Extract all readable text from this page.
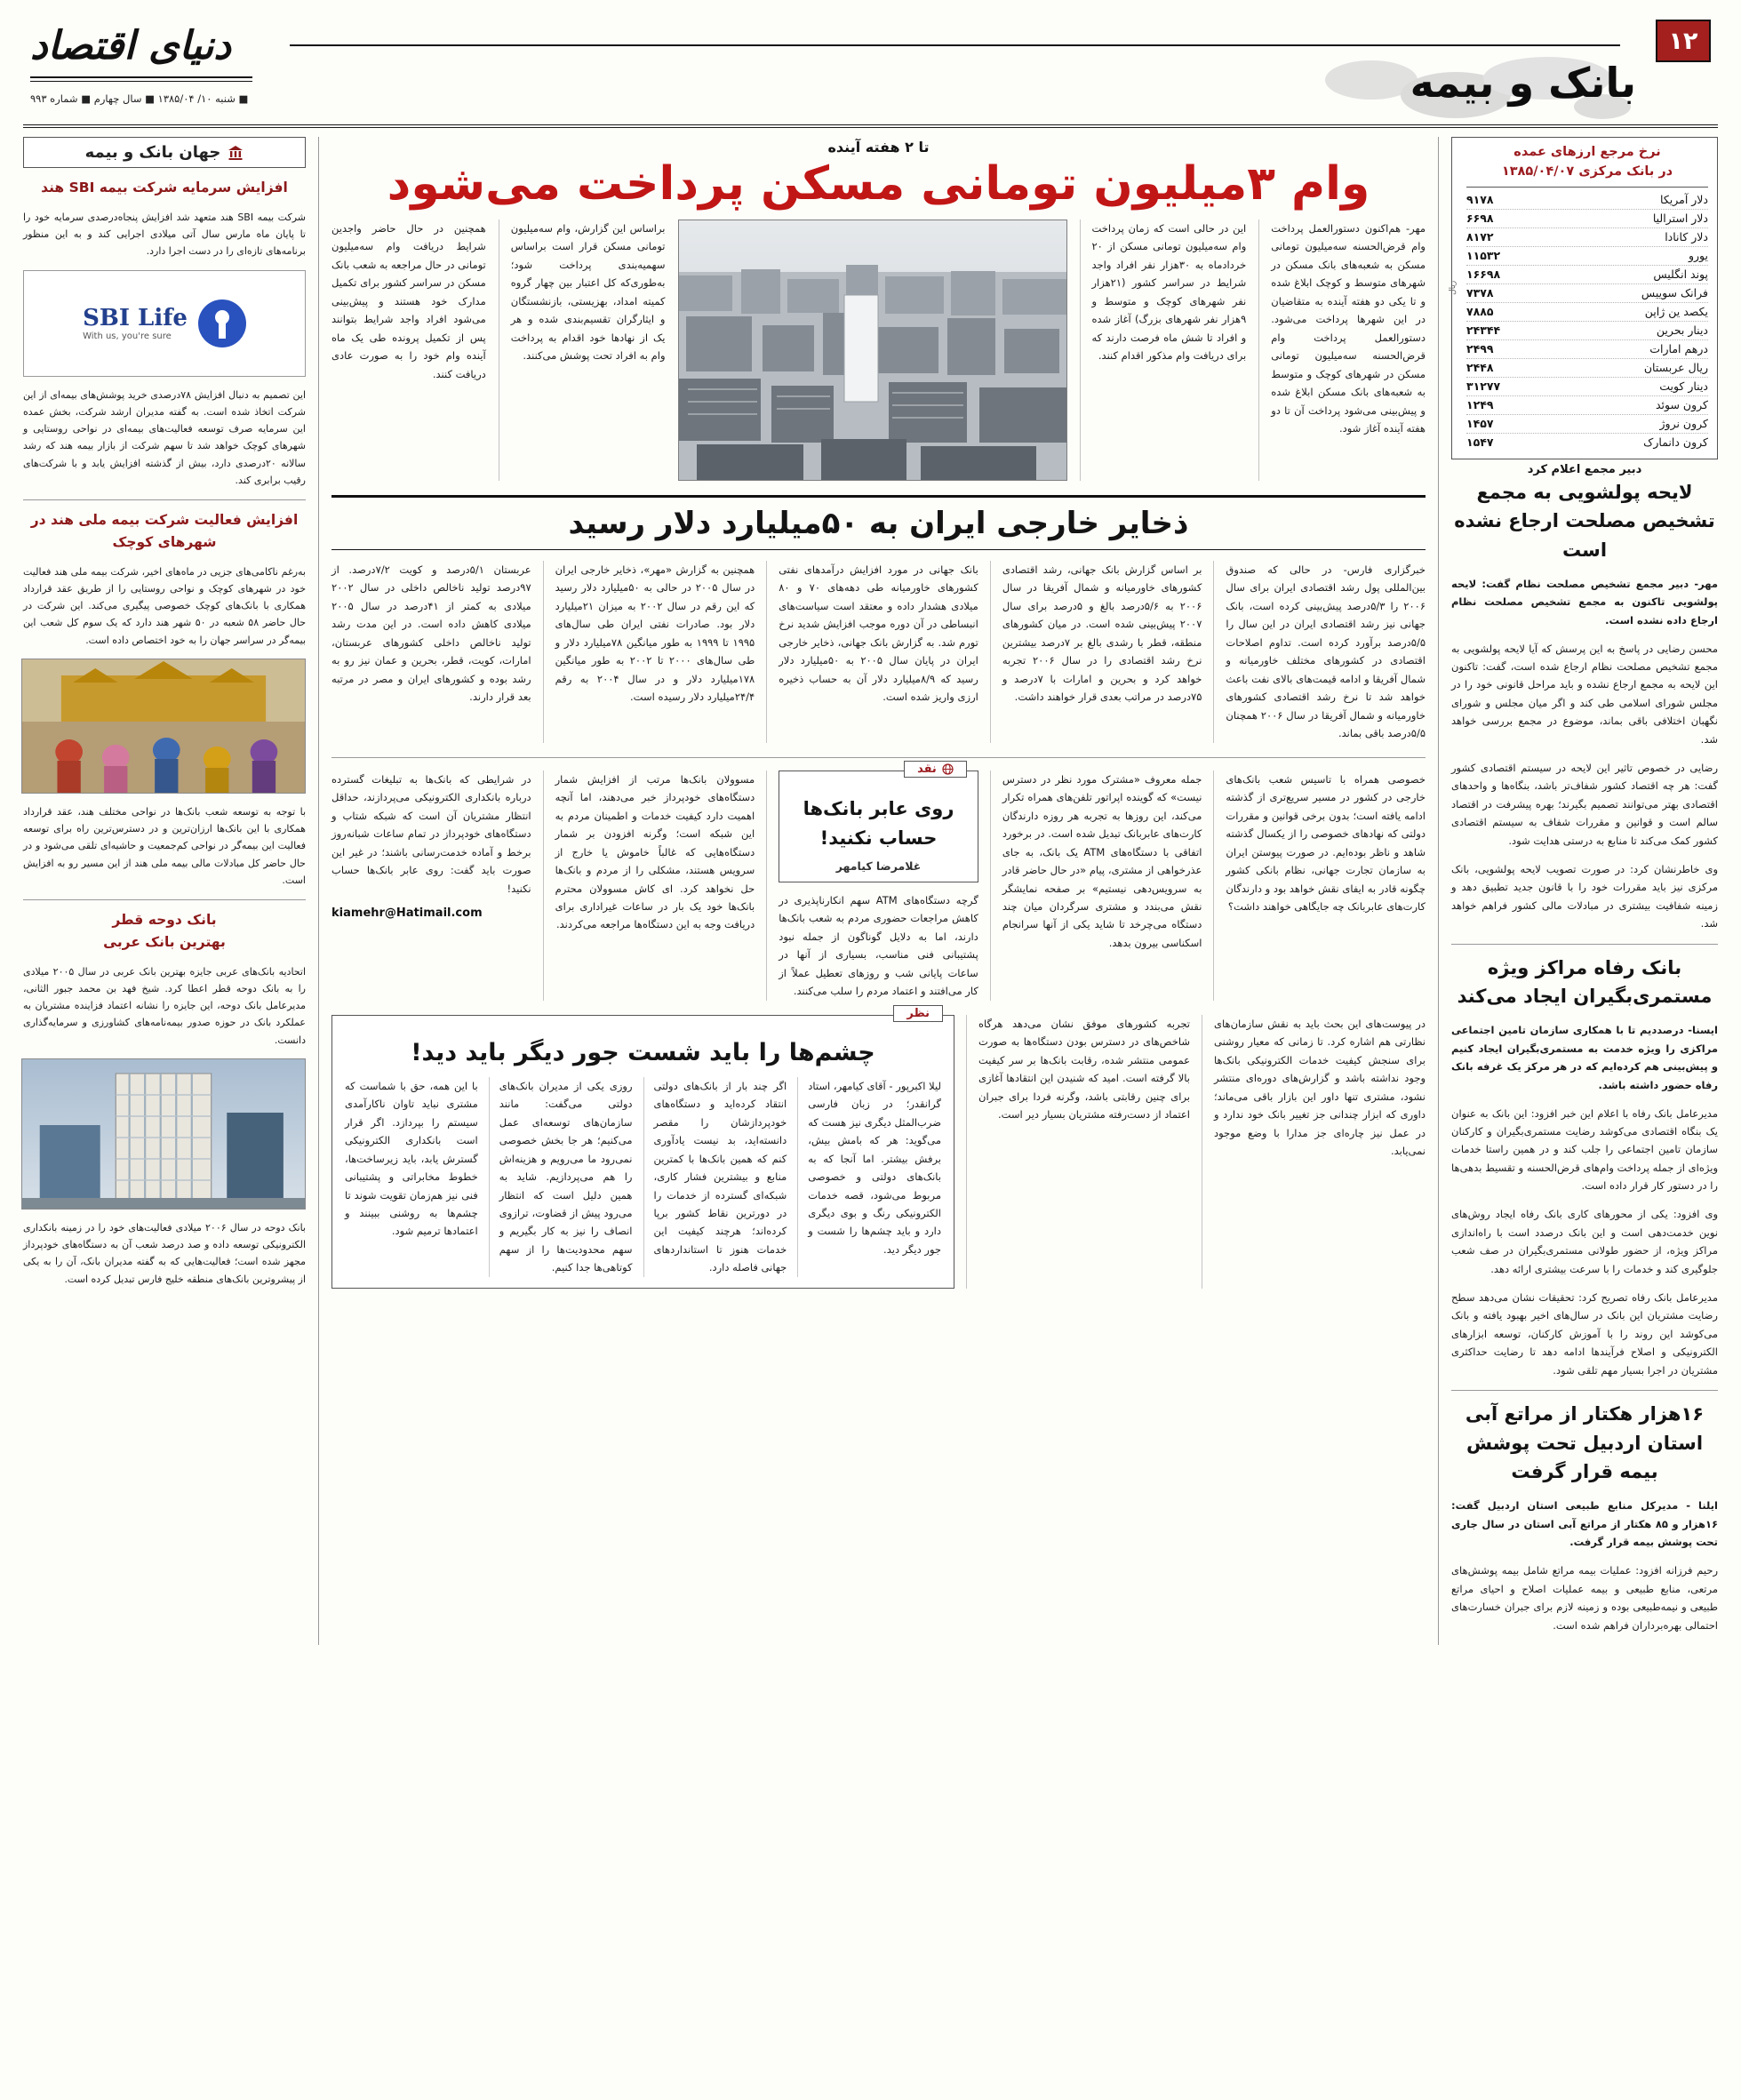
دنیای اقتصاد
■ شنبه ۱۰/ ۱۳۸۵/۰۴ ■ سال چهارم ■ شماره ۹۹۳
۱۲
بانک و بیمه
نرخ مرجع ارزهای عمده
در بانک مرکزی ۱۳۸۵/۰۴/۰۷
ریال
دلار آمریکا
۹۱۷۸
دلار استرالیا
۶۶۹۸
دلار کانادا
۸۱۷۲
یورو
۱۱۵۳۲
پوند انگلیس
۱۶۶۹۸
فرانک سوییس
۷۳۷۸
یکصد ین ژاپن
۷۸۸۵
دینار بحرین
۲۴۳۴۴
درهم امارات
۲۴۹۹
ریال عربستان
۲۴۴۸
دینار کویت
۳۱۲۷۷
کرون سوئد
۱۲۴۹
کرون نروژ
۱۴۵۷
کرون دانمارک
۱۵۴۷
دبیر مجمع اعلام کرد
لایحه پولشویی به مجمع تشخیص مصلحت ارجاع نشده است

مهر- دبیر مجمع تشخیص مصلحت نظام گفت: لایحه پولشویی تاکنون به مجمع تشخیص مصلحت نظام ارجاع داده نشده است.

محسن رضایی در پاسخ به این پرسش که آیا لایحه پولشویی به مجمع تشخیص مصلحت نظام ارجاع شده است، گفت: تاکنون این لایحه به مجمع ارجاع نشده و باید مراحل قانونی خود را در مجلس شورای اسلامی طی کند و اگر میان مجلس و شورای نگهبان اختلافی باقی بماند، موضوع در مجمع بررسی خواهد شد.

رضایی در خصوص تاثیر این لایحه در سیستم اقتصادی کشور گفت: هر چه اقتصاد کشور شفاف‌تر باشد، بنگاه‌ها و واحدهای اقتصادی بهتر می‌توانند تصمیم بگیرند؛ بهره پیشرفت در اقتصاد سالم است و قوانین و مقررات شفاف به سیستم اقتصادی کشور کمک می‌کند تا منابع به درستی هدایت شود.

وی خاطرنشان کرد: در صورت تصویب لایحه پولشویی، بانک مرکزی نیز باید مقررات خود را با قانون جدید تطبیق دهد و زمینه شفافیت بیشتری در مبادلات مالی کشور فراهم خواهد شد.

بانک رفاه مراکز ویژه مستمری‌بگیران ایجاد می‌کند

ایسنا- درصددیم تا با همکاری سازمان تامین اجتماعی مراکزی را ویژه خدمت به مستمری‌بگیران ایجاد کنیم و پیش‌بینی هم کرده‌ایم که در هر مرکز یک غرفه بانک رفاه حضور داشته باشد.

مدیرعامل بانک رفاه با اعلام این خبر افزود: این بانک به عنوان یک بنگاه اقتصادی می‌کوشد رضایت مستمری‌بگیران و کارکنان سازمان تامین اجتماعی را جلب کند و در همین راستا خدمات ویژه‌ای از جمله پرداخت وام‌های قرض‌الحسنه و تقسیط بدهی‌ها را در دستور کار قرار داده است.

وی افزود: یکی از محورهای کاری بانک رفاه ایجاد روش‌های نوین خدمت‌دهی است و این بانک درصدد است با راه‌اندازی مراکز ویژه، از حضور طولانی مستمری‌بگیران در صف شعب جلوگیری کند و خدمات را با سرعت بیشتری ارائه دهد.

مدیرعامل بانک رفاه تصریح کرد: تحقیقات نشان می‌دهد سطح رضایت مشتریان این بانک در سال‌های اخیر بهبود یافته و بانک می‌کوشد این روند را با آموزش کارکنان، توسعه ابزارهای الکترونیکی و اصلاح فرآیندها ادامه دهد تا رضایت حداکثری مشتریان در اجرا بسیار مهم تلقی شود.

۱۶هزار هکتار از مراتع آبی استان اردبیل تحت پوشش بیمه قرار گرفت

ایلنا - مدیرکل منابع طبیعی استان اردبیل گفت: ۱۶هزار و ۸۵ هکتار از مراتع آبی استان در سال جاری تحت پوشش بیمه قرار گرفت.

رحیم فرزانه افزود: عملیات بیمه مراتع شامل بیمه پوشش‌های مرتعی، منابع طبیعی و بیمه عملیات اصلاح و احیای مراتع طبیعی و نیمه‌طبیعی بوده و زمینه لازم برای جبران خسارت‌های احتمالی بهره‌برداران فراهم شده است.

تا ۲ هفته آینده
وام ۳میلیون تومانی مسکن پرداخت می‌شود
مهر- هم‌اکنون دستورالعمل پرداخت وام قرض‌الحسنه سه‌میلیون تومانی مسکن به شعبه‌های بانک مسکن در شهرهای متوسط و کوچک ابلاغ شده و تا یکی دو هفته آینده به متقاضیان در این شهرها پرداخت می‌شود. دستورالعمل پرداخت وام قرض‌الحسنه سه‌میلیون تومانی مسکن در شهرهای کوچک و متوسط به شعبه‌های بانک مسکن ابلاغ شده و پیش‌بینی می‌شود پرداخت آن تا دو هفته آینده آغاز شود.
این در حالی است که زمان پرداخت وام سه‌میلیون تومانی مسکن از ۲۰ خردادماه به ۳۰هزار نفر افراد واجد شرایط در سراسر کشور (۲۱هزار نفر شهرهای کوچک و متوسط و ۹هزار نفر شهرهای بزرگ) آغاز شده و افراد تا شش ماه فرصت دارند که برای دریافت وام مذکور اقدام کنند.
براساس این گزارش، وام سه‌میلیون تومانی مسکن قرار است براساس سهمیه‌بندی پرداخت شود؛ به‌طوری‌که کل اعتبار بین چهار گروه کمیته امداد، بهزیستی، بازنشستگان و ایثارگران تقسیم‌بندی شده و هر یک از نهادها خود اقدام به پرداخت وام به افراد تحت پوشش می‌کنند.
همچنین در حال حاضر واجدین شرایط دریافت وام سه‌میلیون تومانی در حال مراجعه به شعب بانک مسکن در سراسر کشور برای تکمیل مدارک خود هستند و پیش‌بینی می‌شود افراد واجد شرایط بتوانند پس از تکمیل پرونده طی یک ماه آینده وام خود را به صورت عادی دریافت کنند.
ذخایر خارجی ایران به ۵۰میلیارد دلار رسید
خبرگزاری فارس- در حالی که صندوق بین‌المللی پول رشد اقتصادی ایران برای سال ۲۰۰۶ را ۵/۳درصد پیش‌بینی کرده است، بانک جهانی نیز رشد اقتصادی ایران در این سال را ۵/۵درصد برآورد کرده است. تداوم اصلاحات اقتصادی در کشورهای مختلف خاورمیانه و شمال آفریقا و ادامه قیمت‌های بالای نفت باعث خواهد شد تا نرخ رشد اقتصادی کشورهای خاورمیانه و شمال آفریقا در سال ۲۰۰۶ همچنان ۵/۵درصد باقی بماند.
بر اساس گزارش بانک جهانی، رشد اقتصادی کشورهای خاورمیانه و شمال آفریقا در سال ۲۰۰۶ به ۵/۶درصد بالغ و ۵درصد برای سال ۲۰۰۷ پیش‌بینی شده است. در میان کشورهای منطقه، قطر با رشدی بالغ بر ۷درصد بیشترین نرخ رشد اقتصادی را در سال ۲۰۰۶ تجربه خواهد کرد و بحرین و امارات با ۷درصد و ۷۵درصد در مراتب بعدی قرار خواهند داشت.
بانک جهانی در مورد افزایش درآمدهای نفتی کشورهای خاورمیانه طی دهه‌های ۷۰ و ۸۰ میلادی هشدار داده و معتقد است سیاست‌های انبساطی در آن دوره موجب افزایش شدید نرخ تورم شد. به گزارش بانک جهانی، ذخایر خارجی ایران در پایان سال ۲۰۰۵ به ۵۰میلیارد دلار رسید که ۸/۹میلیارد دلار آن به حساب ذخیره ارزی واریز شده است.
همچنین به گزارش «مهر»، ذخایر خارجی ایران در سال ۲۰۰۵ در حالی به ۵۰میلیارد دلار رسید که این رقم در سال ۲۰۰۲ به میزان ۲۱میلیارد دلار بود. صادرات نفتی ایران طی سال‌های ۱۹۹۵ تا ۱۹۹۹ به طور میانگین ۷۸میلیارد دلار و طی سال‌های ۲۰۰۰ تا ۲۰۰۲ به طور میانگین ۱۷۸میلیارد دلار و در سال ۲۰۰۴ به رقم ۲۴/۴میلیارد دلار رسیده است.
عربستان ۵/۱درصد و کویت ۷/۲درصد. از ۹۷درصد تولید ناخالص داخلی در سال ۲۰۰۲ میلادی به کمتر از ۴۱درصد در سال ۲۰۰۵ میلادی کاهش داده است. در این مدت رشد تولید ناخالص داخلی کشورهای عربستان، امارات، کویت، قطر، بحرین و عمان نیز رو به رشد بوده و کشورهای ایران و مصر در مرتبه بعد قرار دارند.
خصوصی همراه با تاسیس شعب بانک‌های خارجی در کشور در مسیر سریع‌تری از گذشته ادامه یافته است؛ بدون برخی قوانین و مقررات دولتی که نهادهای خصوصی را از یکسال گذشته شاهد و ناظر بوده‌ایم. در صورت پیوستن ایران به سازمان تجارت جهانی، نظام بانکی کشور چگونه قادر به ایفای نقش خواهد بود و دارندگان کارت‌های عابربانک چه جایگاهی خواهند داشت؟
جمله معروف «مشترک مورد نظر در دسترس نیست» که گوینده اپراتور تلفن‌های همراه تکرار می‌کند، این روزها به تجربه هر روزه دارندگان کارت‌های عابربانک تبدیل شده است. در برخورد اتفاقی با دستگاه‌های ATM یک بانک، به جای عذرخواهی از مشتری، پیام «در حال حاضر قادر به سرویس‌دهی نیستیم» بر صفحه نمایشگر نقش می‌بندد و مشتری سرگردان میان چند دستگاه می‌چرخد تا شاید یکی از آنها سرانجام اسکناسی بیرون بدهد.
نقد
روی عابر بانک‌ها حساب نکنید!
غلامرضا کیامهر
گرچه دستگاه‌های ATM سهم انکارناپذیری در کاهش مراجعات حضوری مردم به شعب بانک‌ها دارند، اما به دلایل گوناگون از جمله نبود پشتیبانی فنی مناسب، بسیاری از آنها در ساعات پایانی شب و روزهای تعطیل عملاً از کار می‌افتند و اعتماد مردم را سلب می‌کنند.
مسوولان بانک‌ها مرتب از افزایش شمار دستگاه‌های خودپرداز خبر می‌دهند، اما آنچه اهمیت دارد کیفیت خدمات و اطمینان مردم به این شبکه است؛ وگرنه افزودن بر شمار دستگاه‌هایی که غالباً خاموش یا خارج از سرویس هستند، مشکلی را از مردم و بانک‌ها حل نخواهد کرد. ای کاش مسوولان محترم بانک‌ها خود یک بار در ساعات غیراداری برای دریافت وجه به این دستگاه‌ها مراجعه می‌کردند.
در شرایطی که بانک‌ها به تبلیغات گسترده درباره بانکداری الکترونیکی می‌پردازند، حداقل انتظار مشتریان آن است که شبکه شتاب و دستگاه‌های خودپرداز در تمام ساعات شبانه‌روز برخط و آماده خدمت‌رسانی باشند؛ در غیر این صورت باید گفت: روی عابر بانک‌ها حساب نکنید!
kiamehr@Hatimail.com
در پیوست‌های این بحث باید به نقش سازمان‌های نظارتی هم اشاره کرد. تا زمانی که معیار روشنی برای سنجش کیفیت خدمات الکترونیکی بانک‌ها وجود نداشته باشد و گزارش‌های دوره‌ای منتشر نشود، مشتری تنها داور این بازار باقی می‌ماند؛ داوری که ابزار چندانی جز تغییر بانک خود ندارد و در عمل نیز چاره‌ای جز مدارا با وضع موجود نمی‌یابد.
تجربه کشورهای موفق نشان می‌دهد هرگاه شاخص‌های در دسترس بودن دستگاه‌ها به صورت عمومی منتشر شده، رقابت بانک‌ها بر سر کیفیت بالا گرفته است. امید که شنیدن این انتقادها آغازی برای چنین رقابتی باشد، وگرنه فردا برای جبران اعتماد از دست‌رفته مشتریان بسیار دیر است.
نظر
چشم‌ها را باید شست جور دیگر باید دید!
لیلا اکبرپور - آقای کیامهر، استاد گرانقدر؛ در زبان فارسی ضرب‌المثل دیگری نیز هست که می‌گوید: هر که بامش بیش، برفش بیشتر. اما آنجا که به بانک‌های دولتی و خصوصی مربوط می‌شود، قصه خدمات الکترونیکی رنگ و بوی دیگری دارد و باید چشم‌ها را شست و جور دیگر دید.
اگر چند بار از بانک‌های دولتی انتقاد کرده‌اید و دستگاه‌های خودپردازشان را مقصر دانسته‌اید، بد نیست یادآوری کنم که همین بانک‌ها با کمترین منابع و بیشترین فشار کاری، شبکه‌ای گسترده از خدمات را در دورترین نقاط کشور برپا کرده‌اند؛ هرچند کیفیت این خدمات هنوز تا استانداردهای جهانی فاصله دارد.
روزی یکی از مدیران بانک‌های دولتی می‌گفت: مانند سازمان‌های توسعه‌ای عمل می‌کنیم؛ هر جا بخش خصوصی نمی‌رود ما می‌رویم و هزینه‌اش را هم می‌پردازیم. شاید به همین دلیل است که انتظار می‌رود پیش از قضاوت، ترازوی انصاف را نیز به کار بگیریم و سهم محدودیت‌ها را از سهم کوتاهی‌ها جدا کنیم.
با این همه، حق با شماست که مشتری نباید تاوان ناکارآمدی سیستم را بپردازد. اگر قرار است بانکداری الکترونیکی گسترش یابد، باید زیرساخت‌ها، خطوط مخابراتی و پشتیبانی فنی نیز هم‌زمان تقویت شوند تا چشم‌ها به روشنی ببینند و اعتمادها ترمیم شود.
جهان بانک و بیمه
افزایش سرمایه شرکت بیمه SBI هند

شرکت بیمه SBI هند متعهد شد افزایش پنجاه‌درصدی سرمایه خود را تا پایان ماه مارس سال آتی میلادی اجرایی کند و به این منظور برنامه‌های تازه‌ای را در دست اجرا دارد.

SBI Life
With us, you're sure

این تصمیم به دنبال افزایش ۷۸درصدی خرید پوشش‌های بیمه‌ای از این شرکت اتخاذ شده است. به گفته مدیران ارشد شرکت، بخش عمده این سرمایه صرف توسعه فعالیت‌های بیمه‌ای در نواحی روستایی و شهرهای کوچک خواهد شد تا سهم شرکت از بازار بیمه هند که رشد سالانه ۲۰درصدی دارد، بیش از گذشته افزایش یابد و با شرکت‌های رقیب برابری کند.

افزایش فعالیت شرکت بیمه ملی هند در شهرهای کوچک

به‌رغم ناکامی‌های جزیی در ماه‌های اخیر، شرکت بیمه ملی هند فعالیت خود در شهرهای کوچک و نواحی روستایی را از طریق عقد قرارداد همکاری با بانک‌های کوچک خصوصی پیگیری می‌کند. این شرکت در حال حاضر ۵۸ شعبه در ۵۰ شهر هند دارد که یک سوم کل شعب این بیمه‌گر در سراسر جهان را به خود اختصاص داده است.

با توجه به توسعه شعب بانک‌ها در نواحی مختلف هند، عقد قرارداد همکاری با این بانک‌ها ارزان‌ترین و در دسترس‌ترین راه برای توسعه فعالیت این بیمه‌گر در نواحی کم‌جمعیت و حاشیه‌ای تلقی می‌شود و در حال حاضر کل مبادلات مالی بیمه ملی هند از این مسیر رو به افزایش است.

بانک دوحه قطر
بهترین بانک عربی

اتحادیه بانک‌های عربی جایزه بهترین بانک عربی در سال ۲۰۰۵ میلادی را به بانک دوحه قطر اعطا کرد. شیخ فهد بن محمد جبور الثانی، مدیرعامل بانک دوحه، این جایزه را نشانه اعتماد فزاینده مشتریان به عملکرد بانک در حوزه صدور بیمه‌نامه‌های کشاورزی و سرمایه‌گذاری دانست.

بانک دوحه در سال ۲۰۰۶ میلادی فعالیت‌های خود را در زمینه بانکداری الکترونیکی توسعه داده و صد درصد شعب آن به دستگاه‌های خودپرداز مجهز شده است؛ فعالیت‌هایی که به گفته مدیران بانک، آن را به یکی از پیشروترین بانک‌های منطقه خلیج فارس تبدیل کرده است.
